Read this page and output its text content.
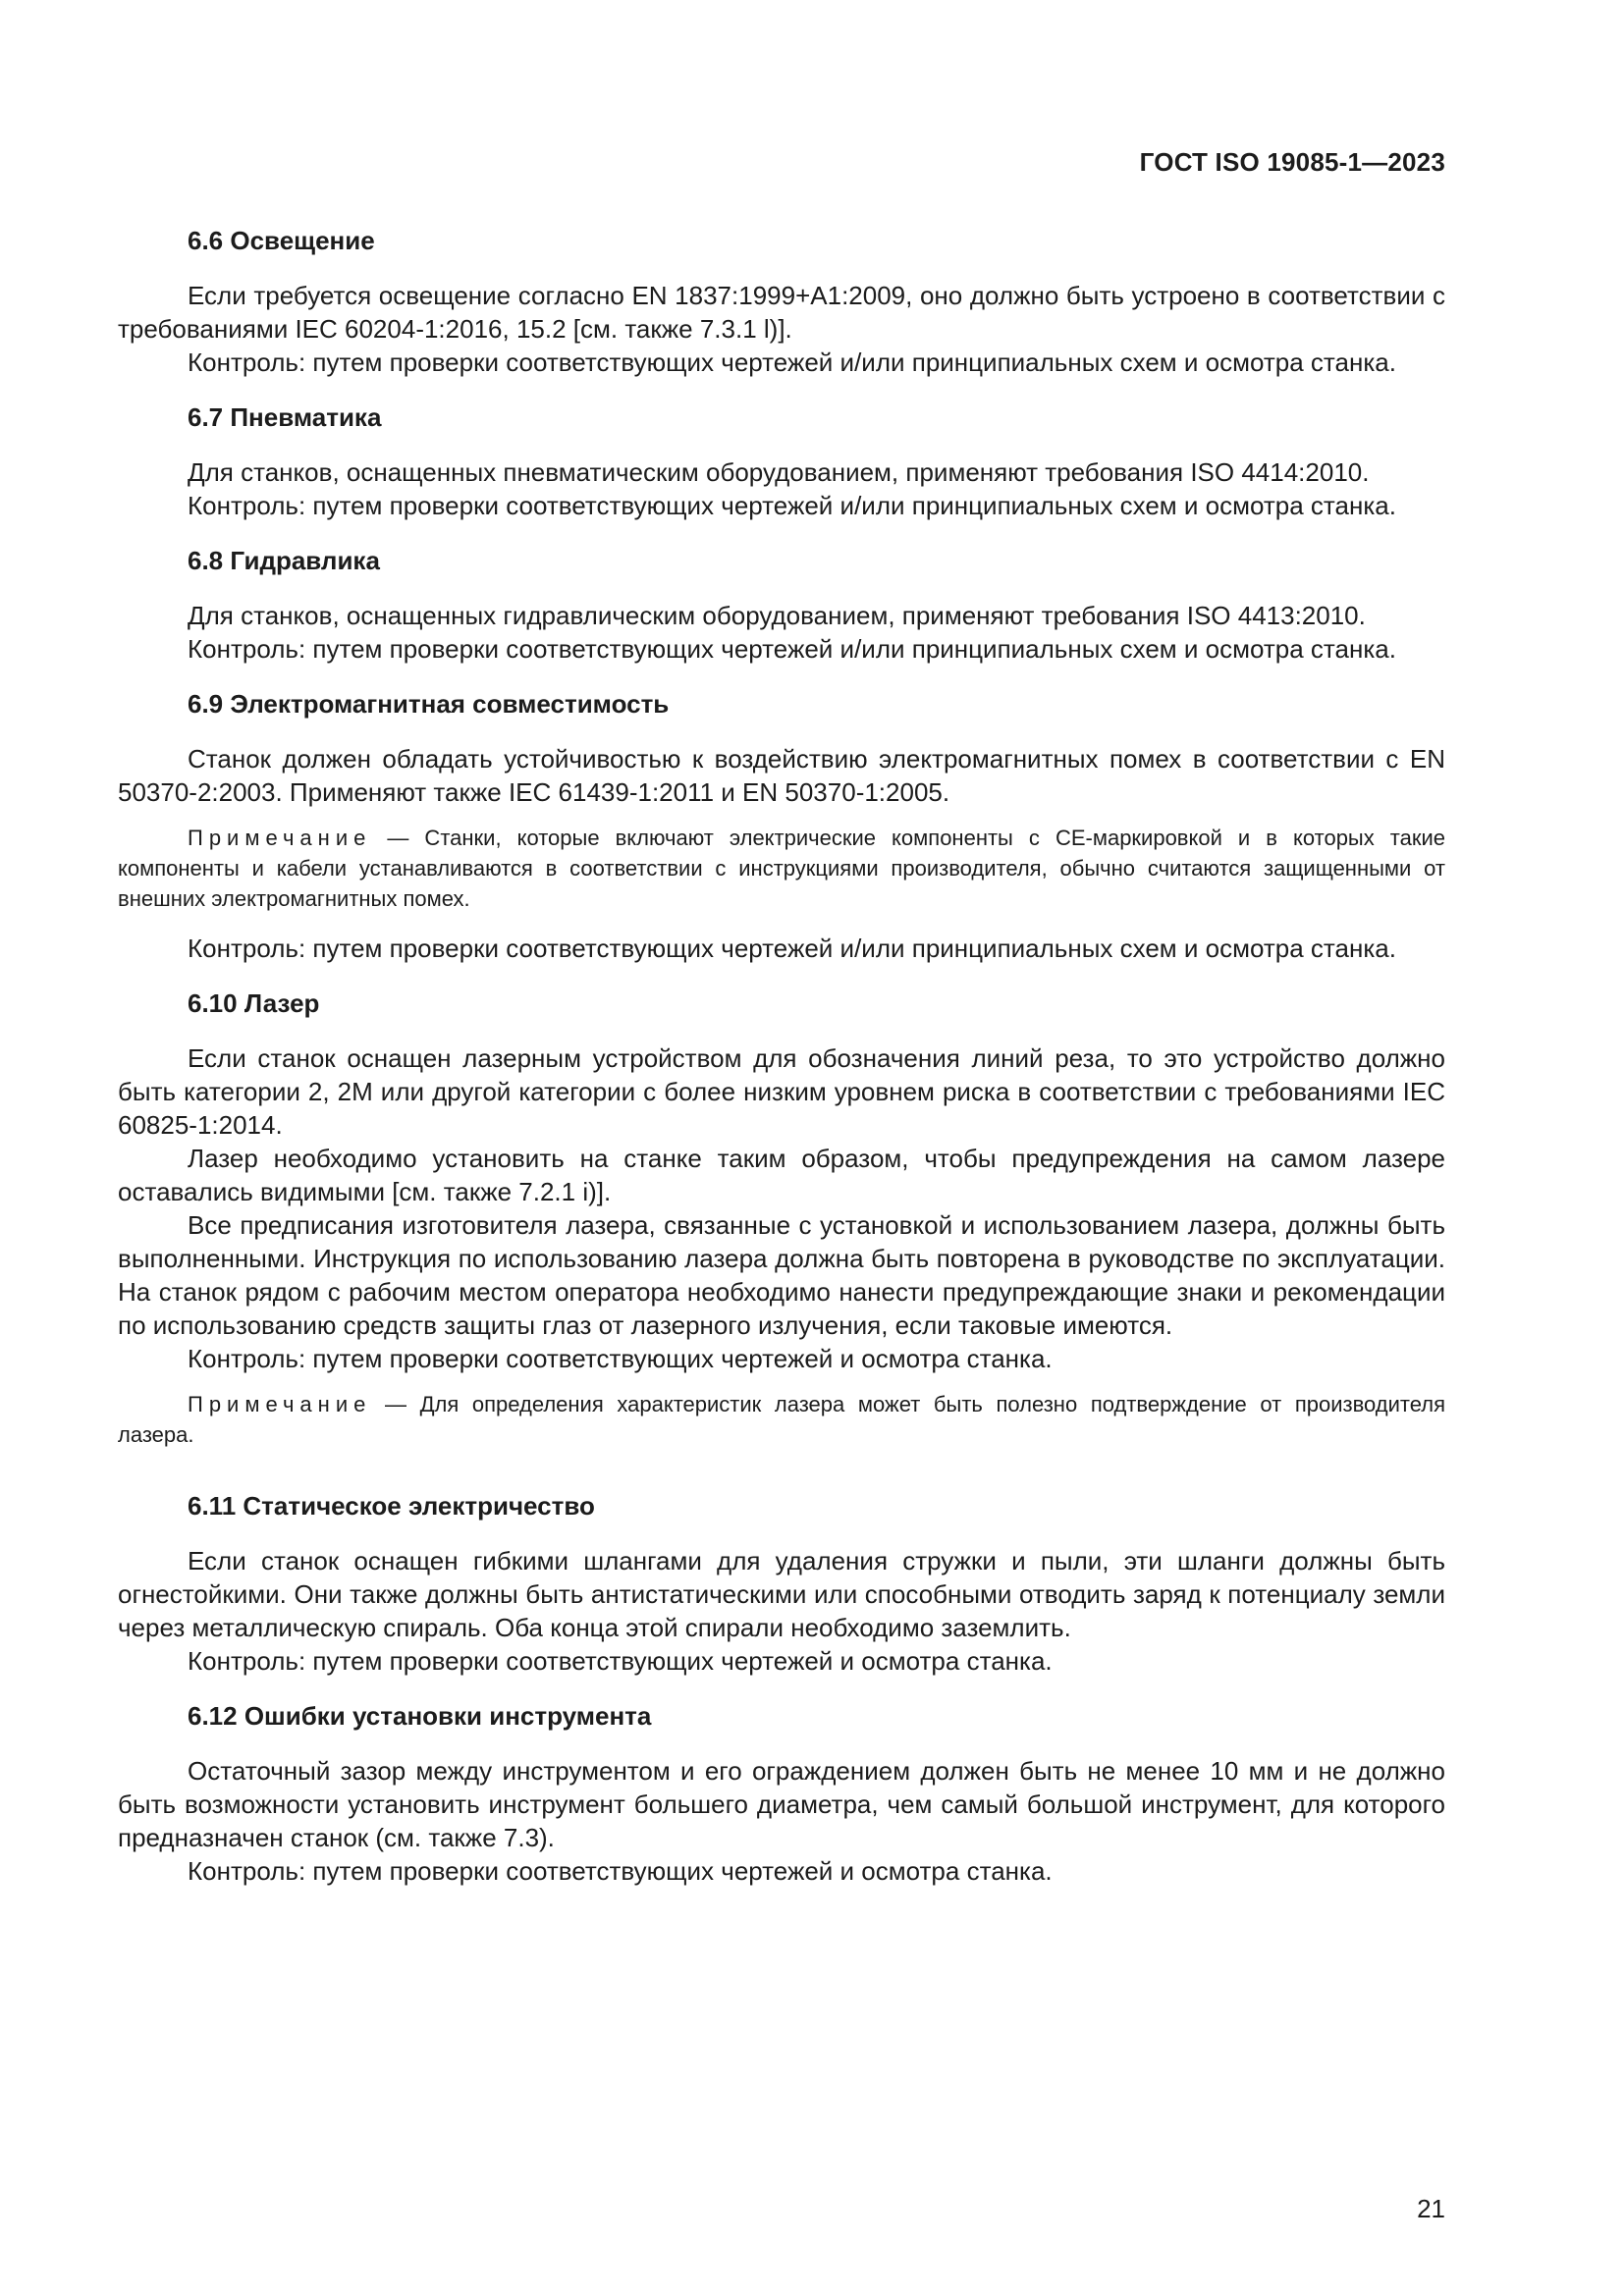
ГОСТ ISO 19085-1—2023
6.6 Освещение

Если требуется освещение согласно EN 1837:1999+A1:2009, оно должно быть устроено в соответствии с требованиями IEC 60204-1:2016, 15.2 [см. также 7.3.1 l)].

Контроль: путем проверки соответствующих чертежей и/или принципиальных схем и осмотра станка.

6.7 Пневматика

Для станков, оснащенных пневматическим оборудованием, применяют требования ISO 4414:2010.

Контроль: путем проверки соответствующих чертежей и/или принципиальных схем и осмотра станка.

6.8 Гидравлика

Для станков, оснащенных гидравлическим оборудованием, применяют требования ISO 4413:2010.

Контроль: путем проверки соответствующих чертежей и/или принципиальных схем и осмотра станка.

6.9 Электромагнитная совместимость

Станок должен обладать устойчивостью к воздействию электромагнитных помех в соответствии с EN 50370-2:2003. Применяют также IEC 61439-1:2011 и EN 50370-1:2005.

Примечание — Станки, которые включают электрические компоненты с CE-маркировкой и в которых такие компоненты и кабели устанавливаются в соответствии с инструкциями производителя, обычно считаются защищенными от внешних электромагнитных помех.

Контроль: путем проверки соответствующих чертежей и/или принципиальных схем и осмотра станка.

6.10 Лазер

Если станок оснащен лазерным устройством для обозначения линий реза, то это устройство должно быть категории 2, 2M или другой категории с более низким уровнем риска в соответствии с требованиями IEC 60825-1:2014.

Лазер необходимо установить на станке таким образом, чтобы предупреждения на самом лазере оставались видимыми [см. также 7.2.1 i)].

Все предписания изготовителя лазера, связанные с установкой и использованием лазера, должны быть выполненными. Инструкция по использованию лазера должна быть повторена в руководстве по эксплуатации. На станок рядом с рабочим местом оператора необходимо нанести предупреждающие знаки и рекомендации по использованию средств защиты глаз от лазерного излучения, если таковые имеются.

Контроль: путем проверки соответствующих чертежей и осмотра станка.

Примечание — Для определения характеристик лазера может быть полезно подтверждение от производителя лазера.

6.11 Статическое электричество

Если станок оснащен гибкими шлангами для удаления стружки и пыли, эти шланги должны быть огнестойкими. Они также должны быть антистатическими или способными отводить заряд к потенциалу земли через металлическую спираль. Оба конца этой спирали необходимо заземлить.

Контроль: путем проверки соответствующих чертежей и осмотра станка.

6.12 Ошибки установки инструмента

Остаточный зазор между инструментом и его ограждением должен быть не менее 10 мм и не должно быть возможности установить инструмент большего диаметра, чем самый большой инструмент, для которого предназначен станок (см. также 7.3).

Контроль: путем проверки соответствующих чертежей и осмотра станка.

21
